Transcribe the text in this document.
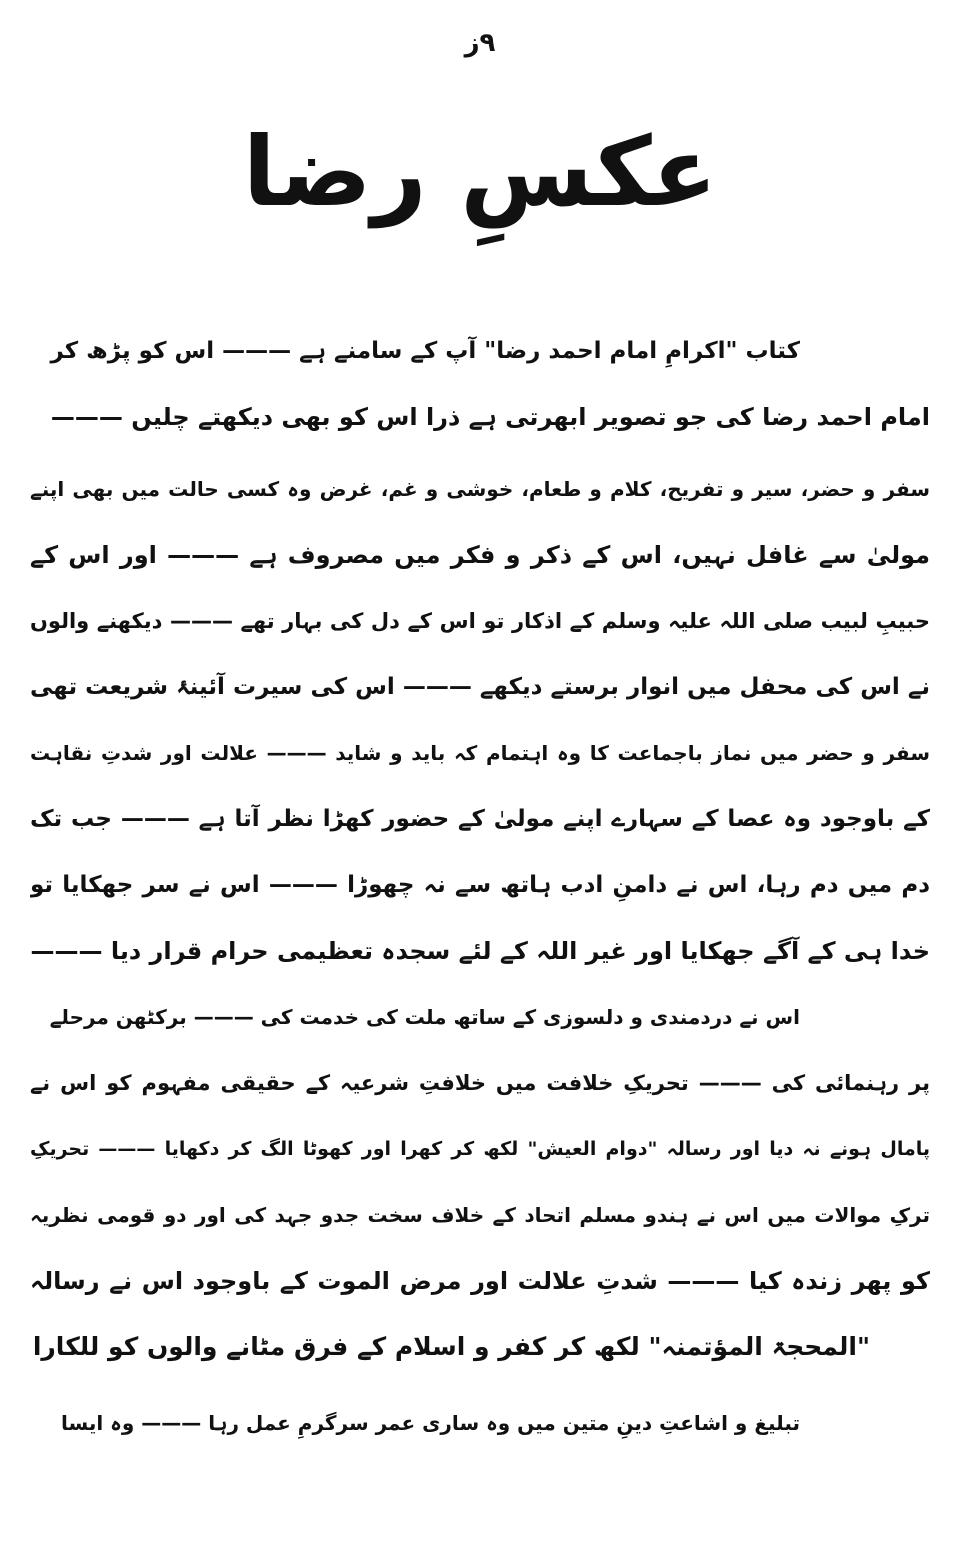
۹ز
عکسِ رضا
کتاب "اکرامِ امام احمد رضا" آپ کے سامنے ہے ——— اس کو پڑھ کر
امام احمد رضا کی جو تصویر ابھرتی ہے ذرا اس کو بھی دیکھتے چلیں ———
سفر و حضر، سیر و تفریح، کلام و طعام، خوشی و غم، غرض وہ کسی حالت میں بھی اپنے
مولیٰ سے غافل نہیں، اس کے ذکر و فکر میں مصروف ہے ——— اور اس کے
حبیبِ لبیب صلی اللہ علیہ وسلم کے اذکار تو اس کے دل کی بہار تھے ——— دیکھنے والوں
نے اس کی محفل میں انوار برستے دیکھے ——— اس کی سیرت آئینۂ شریعت تھی
سفر و حضر میں نماز باجماعت کا وہ اہتمام کہ باید و شاید ——— علالت اور شدتِ نقاہت
کے باوجود وہ عصا کے سہارے اپنے مولیٰ کے حضور کھڑا نظر آتا ہے ——— جب تک
دم میں دم رہا، اس نے دامنِ ادب ہاتھ سے نہ چھوڑا ——— اس نے سر جھکایا تو
خدا ہی کے آگے جھکایا اور غیر اللہ کے لئے سجدہ تعظیمی حرام قرار دیا ———
اس نے دردمندی و دلسوزی کے ساتھ ملت کی خدمت کی ——— برکٹھن مرحلے
پر رہنمائی کی ——— تحریکِ خلافت میں خلافتِ شرعیہ کے حقیقی مفہوم کو اس نے
پامال ہونے نہ دیا اور رسالہ "دوام العیش" لکھ کر کھرا اور کھوٹا الگ کر دکھایا ——— تحریکِ
ترکِ موالات میں اس نے ہندو مسلم اتحاد کے خلاف سخت جدو جہد کی اور دو قومی نظریہ
کو پھر زندہ کیا ——— شدتِ علالت اور مرض الموت کے باوجود اس نے رسالہ
"المحجۃ المؤتمنہ" لکھ کر کفر و اسلام کے فرق مٹانے والوں کو للکارا
تبلیغ و اشاعتِ دینِ متین میں وہ ساری عمر سرگرمِ عمل رہا ——— وہ ایسا
